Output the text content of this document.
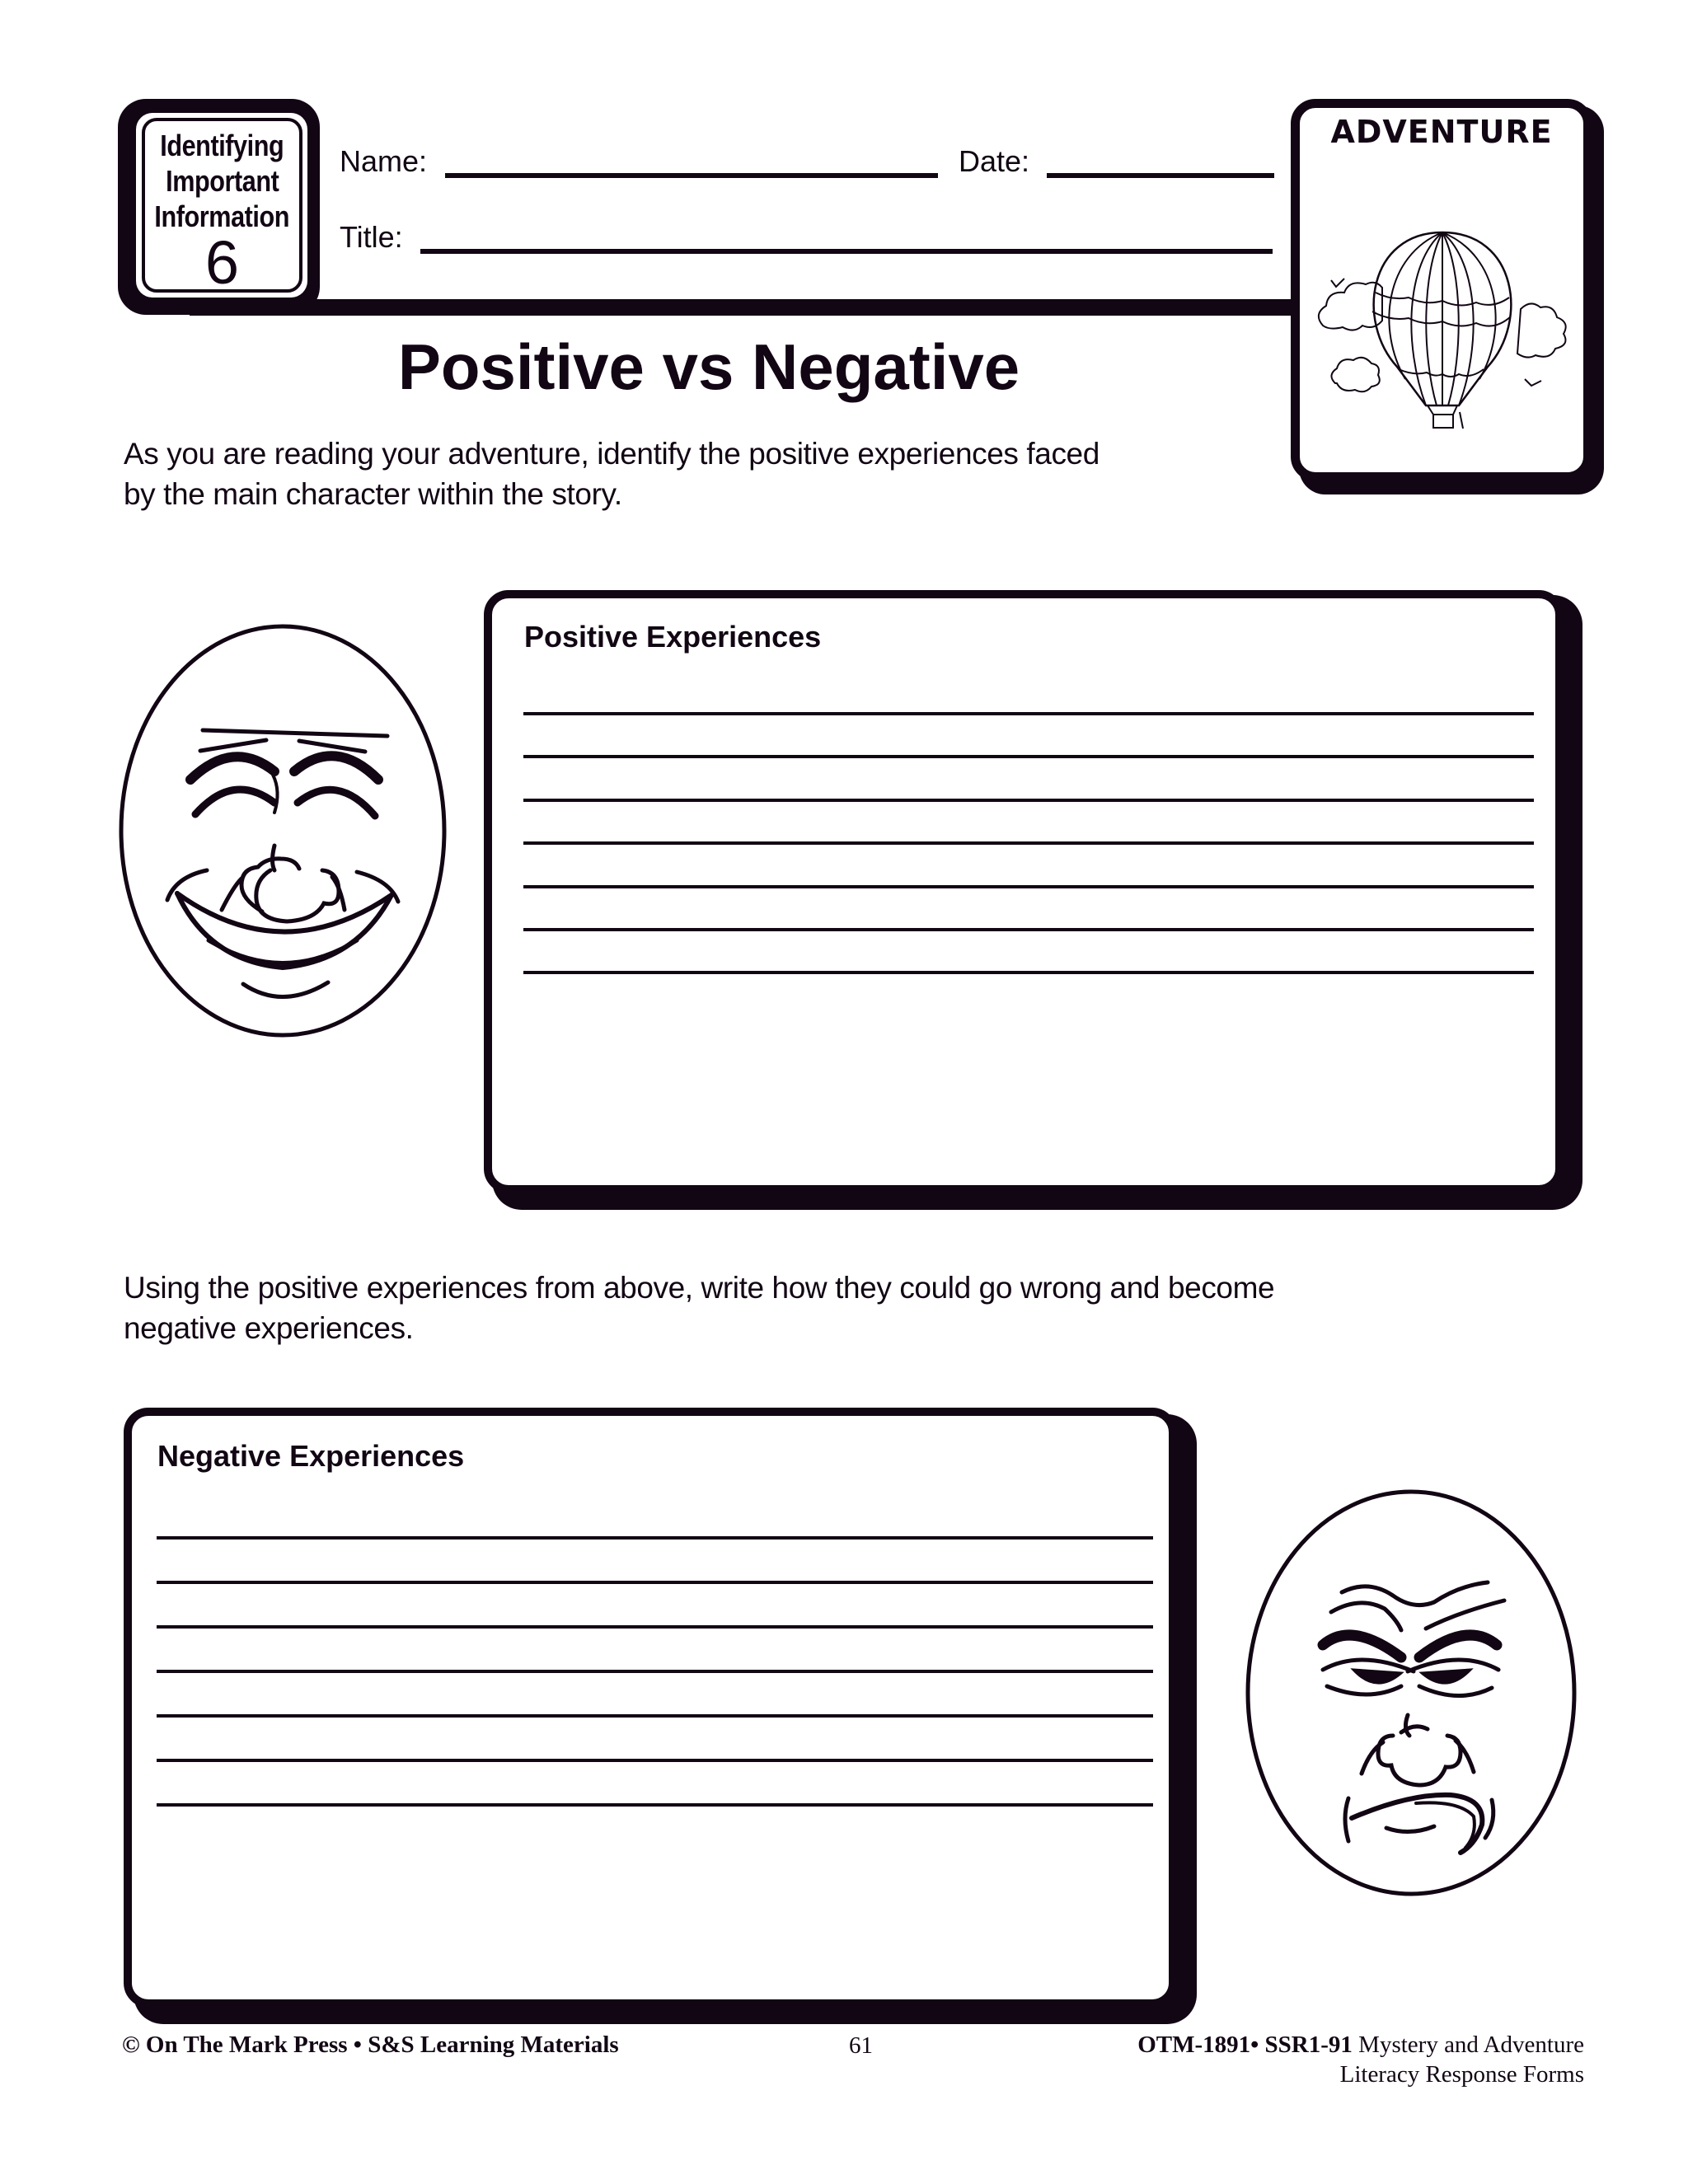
Identifying
Important
Information
6
Name:	Date:
Title:
ADVENTURE
Positive vs Negative
As you are reading your adventure, identify the positive experiences faced
by the main character within the story.
Positive Experiences
Using the positive experiences from above, write how they could go wrong and become
negative experiences.
Negative Experiences
© On The Mark Press • S&S Learning Materials	61	OTM-1891• SSR1-91 Mystery and Adventure
Literacy Response Forms
